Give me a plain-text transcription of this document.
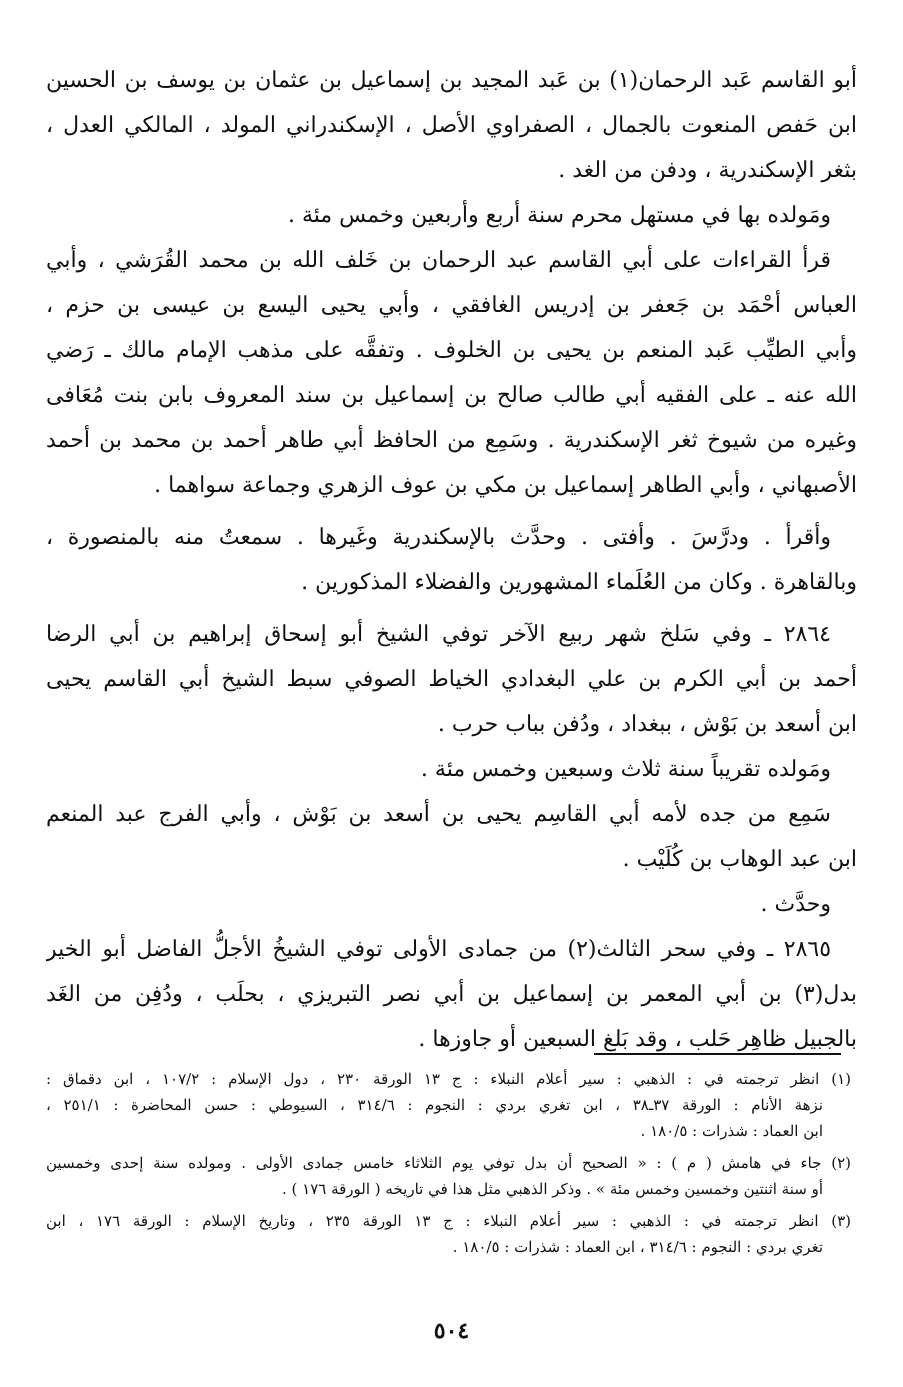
أبو القاسم عَبد الرحمان(١) بن عَبد المجيد بن إسماعيل بن عثمان بن يوسف بن الحسين
ابن حَفص المنعوت بالجمال ، الصفراوي الأصل ، الإسكندراني المولد ، المالكي العدل ،
بثغر الإسكندرية ، ودفن من الغد .
ومَولده بها في مستهل محرم سنة أربع وأربعين وخمس مئة .
قرأ القراءات على أبي القاسم عبد الرحمان بن خَلف الله بن محمد القُرَشي ، وأبي
العباس أحْمَد بن جَعفر بن إدريس الغافقي ، وأبي يحيى اليسع بن عيسى بن حزم ،
وأبي الطيِّب عَبد المنعم بن يحيى بن الخلوف . وتفقَّه على مذهب الإمام مالك ـ رَضي
الله عنه ـ على الفقيه أبي طالب صالح بن إسماعيل بن سند المعروف بابن بنت مُعَافى
وغيره من شيوخ ثغر الإسكندرية . وسَمِع من الحافظ أبي طاهر أحمد بن محمد بن أحمد
الأصبهاني ، وأبي الطاهر إسماعيل بن مكي بن عوف الزهري وجماعة سواهما .
وأقرأ . ودرَّسَ . وأفتى . وحدَّث بالإسكندرية وغَيرها . سمعتُ منه بالمنصورة ،
وبالقاهرة . وكان من العُلَماء المشهورين والفضلاء المذكورين .
٢٨٦٤ ـ وفي سَلخ شهر ربيع الآخر توفي الشيخ أبو إسحاق إبراهيم بن أبي الرضا
أحمد بن أبي الكرم بن علي البغدادي الخياط الصوفي سبط الشيخ أبي القاسم يحيى
ابن أسعد بن بَوْش ، ببغداد ، ودُفن بباب حرب .
ومَولده تقريباً سنة ثلاث وسبعين وخمس مئة .
سَمِع من جده لأمه أبي القاسِم يحيى بن أسعد بن بَوْش ، وأبي الفرج عبد المنعم
ابن عبد الوهاب بن كُلَيْب .
وحدَّث .
٢٨٦٥ ـ وفي سحر الثالث(٢) من جمادى الأولى توفي الشيخُ الأجلُّ الفاضل أبو الخير
بدل(٣) بن أبي المعمر بن إسماعيل بن أبي نصر التبريزي ، بحلَب ، ودُفِن من الغَد
بالجبيل ظاهِر حَلب ، وقد بَلغ السبعين أو جاوزها .
(١) انظر ترجمته في : الذهبي : سير أعلام النبلاء : ج ١٣ الورقة ٢٣٠ ، دول الإسلام : ١٠٧/٢ ، ابن دقماق :
نزهة الأنام : الورقة ٣٧ـ٣٨ ، ابن تغري بردي : النجوم : ٣١٤/٦ ، السيوطي : حسن المحاضرة : ٢٥١/١ ،
ابن العماد : شذرات : ١٨٠/٥ .
(٢) جاء في هامش ( م ) : « الصحيح أن بدل توفي يوم الثلاثاء خامس جمادى الأولى . ومولده سنة إحدى وخمسين
أو سنة اثنتين وخمسين وخمس مئة » . وذكر الذهبي مثل هذا في تاريخه ( الورقة ١٧٦ ) .
(٣) انظر ترجمته في : الذهبي : سير أعلام النبلاء : ج ١٣ الورقة ٢٣٥ ، وتاريخ الإسلام : الورقة ١٧٦ ، ابن
تغري بردي : النجوم : ٣١٤/٦ ، ابن العماد : شذرات : ١٨٠/٥ .
٥٠٤
